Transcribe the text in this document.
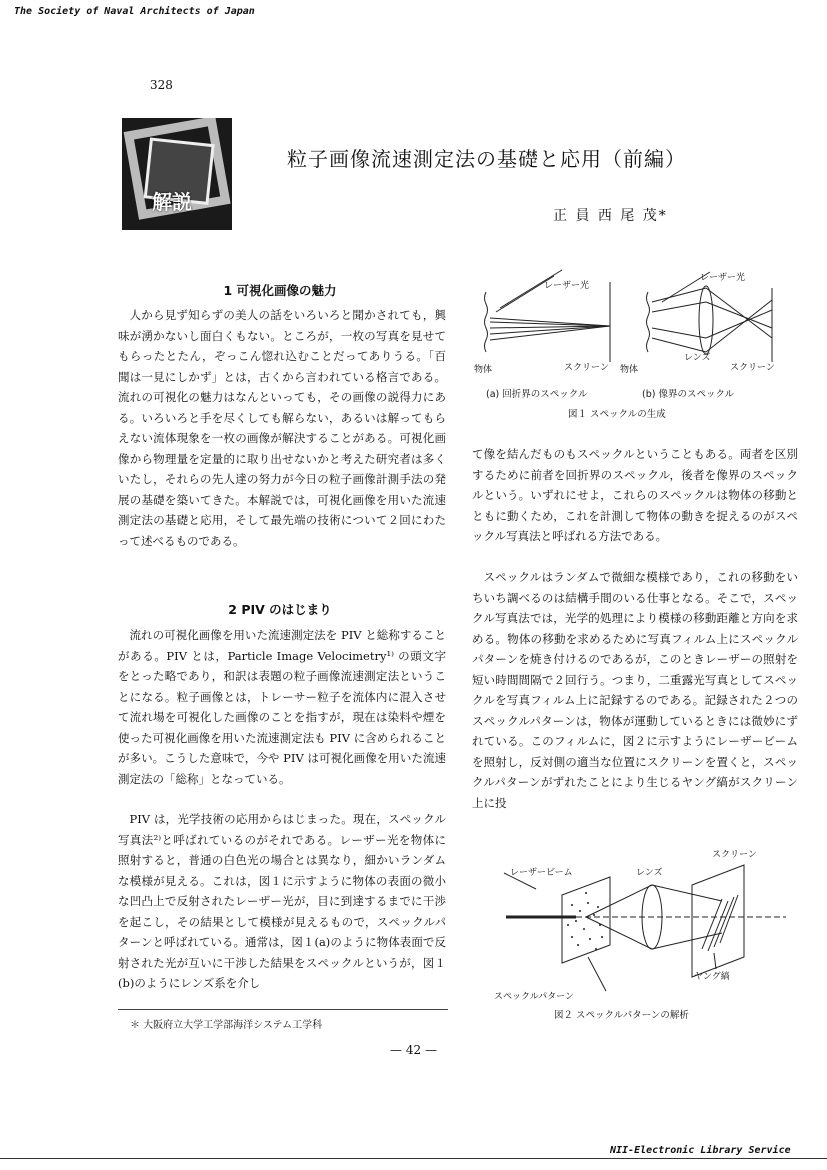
The Society of Naval Architects of Japan
328
解説
粒子画像流速測定法の基礎と応用（前編）
正 員 西 尾 茂*
1 可視化画像の魅力

人から見ず知らずの美人の話をいろいろと聞かされても，興味が湧かないし面白くもない。ところが，一枚の写真を見せてもらったとたん，ぞっこん惚れ込むことだってありうる。「百聞は一見にしかず」とは，古くから言われている格言である。流れの可視化の魅力はなんといっても，その画像の説得力にある。いろいろと手を尽くしても解らない，あるいは解ってもらえない流体現象を一枚の画像が解決することがある。可視化画像から物理量を定量的に取り出せないかと考えた研究者は多くいたし，それらの先人達の努力が今日の粒子画像計測手法の発展の基礎を築いてきた。本解説では，可視化画像を用いた流速測定法の基礎と応用，そして最先端の技術について２回にわたって述べるものである。

2 PIV のはじまり

流れの可視化画像を用いた流速測定法を PIV と総称することがある。PIV とは，Particle Image Velocimetry¹⁾ の頭文字をとった略であり，和訳は表題の粒子画像流速測定法ということになる。粒子画像とは，トレーサー粒子を流体内に混入させて流れ場を可視化した画像のことを指すが，現在は染料や煙を使った可視化画像を用いた流速測定法も PIV に含められることが多い。こうした意味で，今や PIV は可視化画像を用いた流速測定法の「総称」となっている。

PIV は，光学技術の応用からはじまった。現在，スペックル写真法²⁾と呼ばれているのがそれである。レーザー光を物体に照射すると，普通の白色光の場合とは異なり，細かいランダムな模様が見える。これは，図１に示すように物体の表面の微小な凹凸上で反射されたレーザー光が，目に到達するまでに干渉を起こし，その結果として模様が見えるもので，スペックルパターンと呼ばれている。通常は，図１(a)のように物体表面で反射された光が互いに干渉した結果をスペックルというが，図１(b)のようにレンズ系を介し

＊ 大阪府立大学工学部海洋システム工学科
レーザー光
レーザー光
物体	スクリーン 物体
レンズ
スクリーン
(a) 回折界のスペックル	(b) 像界のスペックル
図１ スペックルの生成

て像を結んだものもスペックルということもある。両者を区別するために前者を回折界のスペックル，後者を像界のスペックルという。いずれにせよ，これらのスペックルは物体の移動とともに動くため，これを計測して物体の動きを捉えるのがスペックル写真法と呼ばれる方法である。

スペックルはランダムで微細な模様であり，これの移動をいちいち調べるのは結構手間のいる仕事となる。そこで，スペックル写真法では，光学的処理により模様の移動距離と方向を求める。物体の移動を求めるために写真フィルム上にスペックルパターンを焼き付けるのであるが，このときレーザーの照射を短い時間間隔で２回行う。つまり，二重露光写真としてスペックルを写真フィルム上に記録するのである。記録された２つのスペックルパターンは，物体が運動しているときには微妙にずれている。このフィルムに，図２に示すようにレーザービームを照射し，反対側の適当な位置にスクリーンを置くと，スペックルパターンがずれたことにより生じるヤング縞がスクリーン上に投

レーザービーム	レンズ
スクリーン
ヤング縞
スペックルパターン
図２ スペックルパターンの解析
— 42 —
NII-Electronic Library Service
